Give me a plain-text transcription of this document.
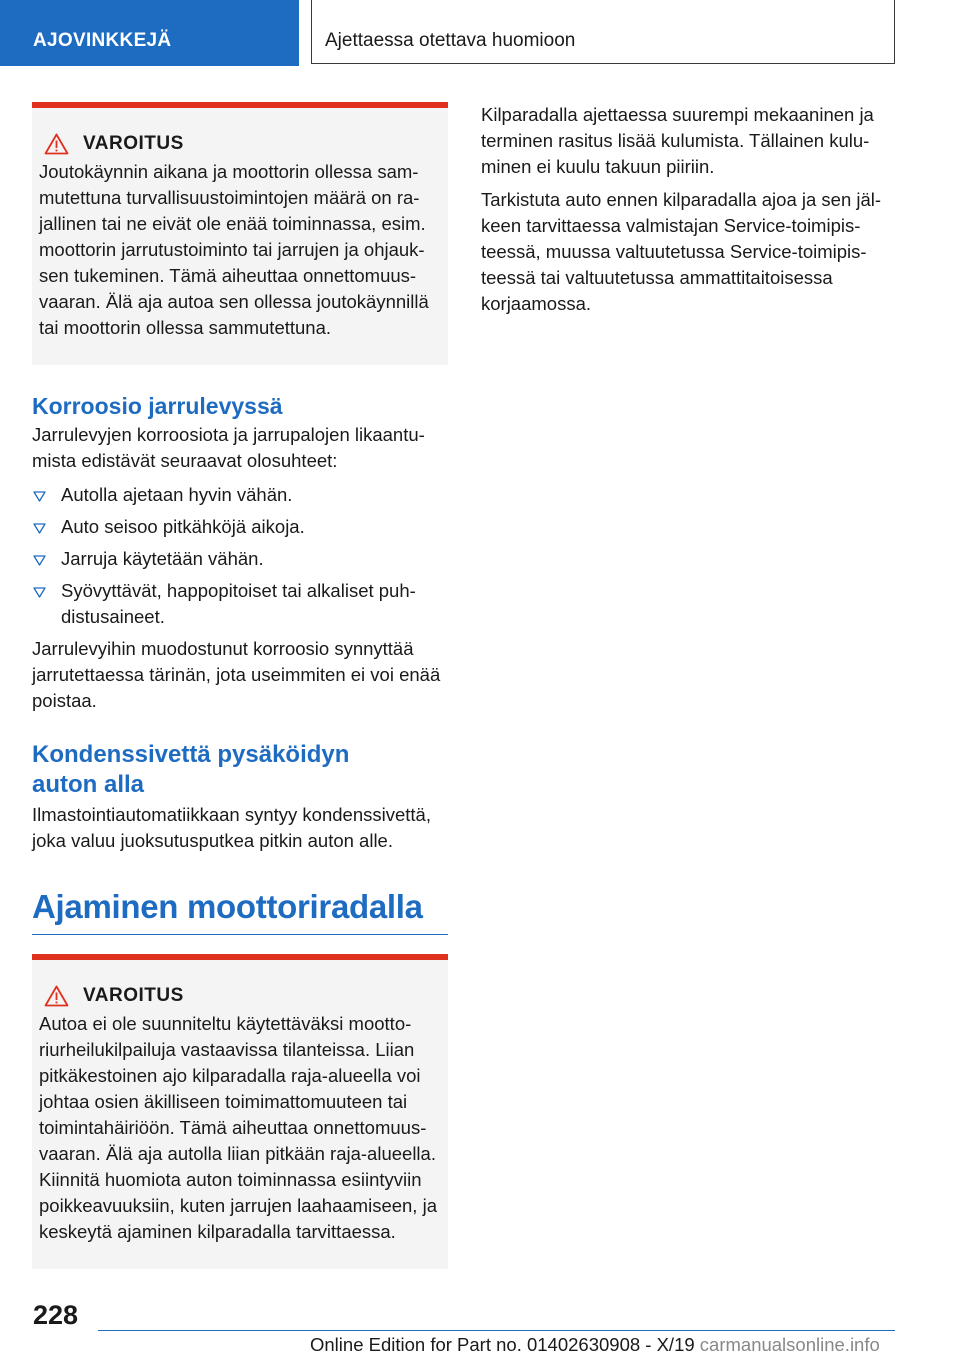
AJOVINKKEJÄ	Ajettaessa otettava huomioon
VAROITUS

Joutokäynnin aikana ja moottorin ollessa sam‐
mutettuna turvallisuustoimintojen määrä on ra‐
jallinen tai ne eivät ole enää toiminnassa, esim.
moottorin jarrutustoiminto tai jarrujen ja ohjauk‐
sen tukeminen. Tämä aiheuttaa onnettomuus‐
vaaran. Älä aja autoa sen ollessa joutokäynnillä
tai moottorin ollessa sammutettuna.

Korroosio jarrulevyssä

Jarrulevyjen korroosiota ja jarrupalojen likaantu‐
mista edistävät seuraavat olosuhteet:

Autolla ajetaan hyvin vähän.
Auto seisoo pitkähköjä aikoja.
Jarruja käytetään vähän.
Syövyttävät, happopitoiset tai alkaliset puh‐
distusaineet.

Jarrulevyihin muodostunut korroosio synnyttää
jarrutettaessa tärinän, jota useimmiten ei voi enää
poistaa.

Kondenssivettä pysäköidyn
auton alla

Ilmastointiautomatiikkaan syntyy kondenssivettä,
joka valuu juoksutusputkea pitkin auton alle.

Ajaminen moottoriradalla
VAROITUS

Autoa ei ole suunniteltu käytettäväksi mootto‐
riurheilukilpailuja vastaavissa tilanteissa. Liian
pitkäkestoinen ajo kilparadalla raja-alueella voi
johtaa osien äkilliseen toimimattomuuteen tai
toimintahäiriöön. Tämä aiheuttaa onnettomuus‐
vaaran. Älä aja autolla liian pitkään raja-alueella.
Kiinnitä huomiota auton toiminnassa esiintyviin
poikkeavuuksiin, kuten jarrujen laahaamiseen, ja
keskeytä ajaminen kilparadalla tarvittaessa.

Kilparadalla ajettaessa suurempi mekaaninen ja
terminen rasitus lisää kulumista. Tällainen kulu‐
minen ei kuulu takuun piiriin.

Tarkistuta auto ennen kilparadalla ajoa ja sen jäl‐
keen tarvittaessa valmistajan Service-toimipis‐
teessä, muussa valtuutetussa Service-toimipis‐
teessä tai valtuutetussa ammattitaitoisessa
korjaamossa.

228
Online Edition for Part no. 01402630908 - X/19 carmanualsonline.info
